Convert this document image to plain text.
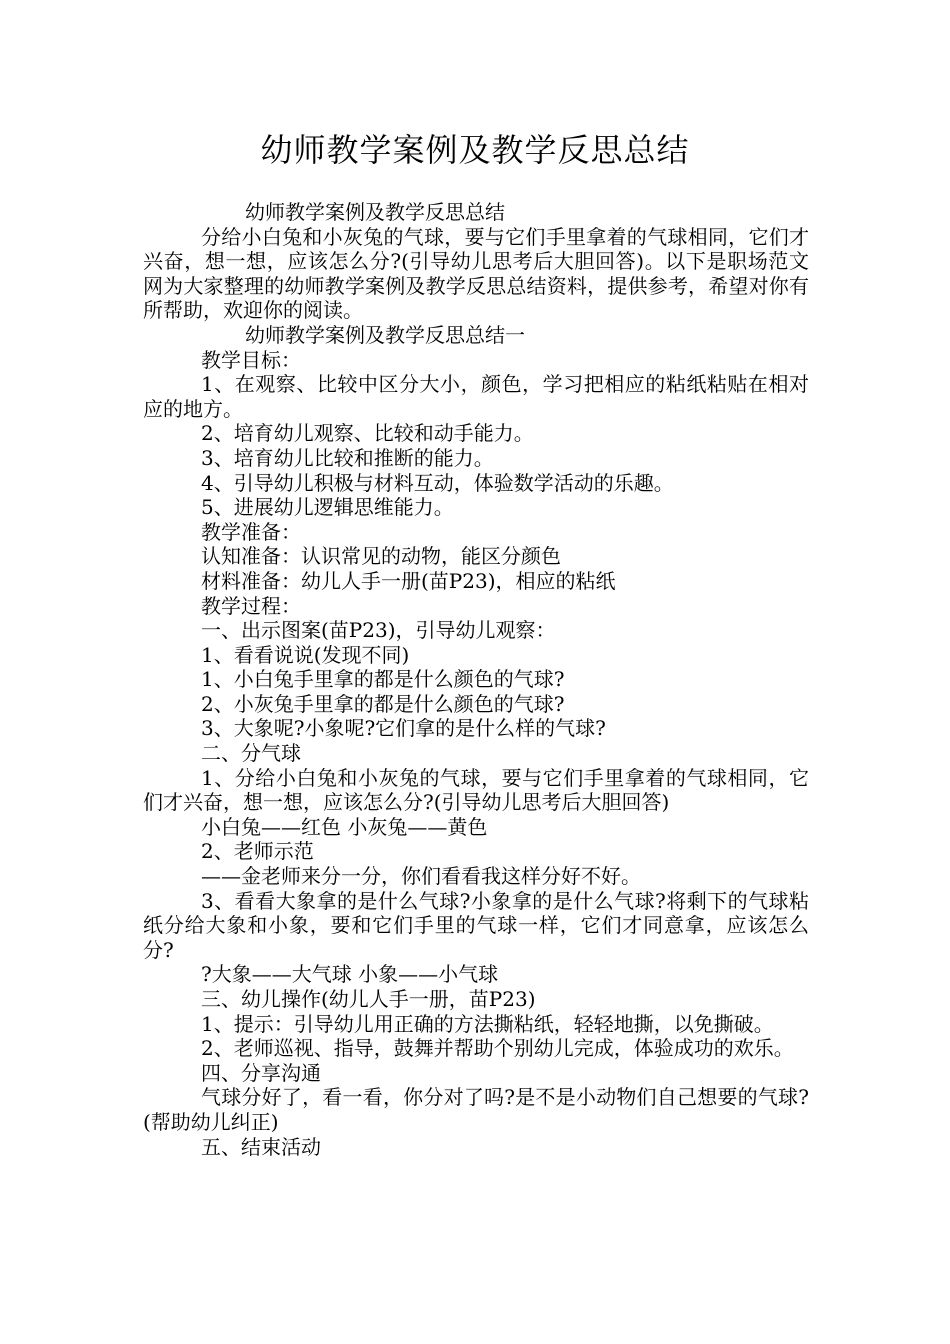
幼师教学案例及教学反思总结

幼师教学案例及教学反思总结

分给小白兔和小灰兔的气球，要与它们手里拿着的气球相同，它们才兴奋，想一想，应该怎么分?(引导幼儿思考后大胆回答)。以下是职场范文网为大家整理的幼师教学案例及教学反思总结资料，提供参考，希望对你有所帮助，欢迎你的阅读。

幼师教学案例及教学反思总结一

教学目标：

1、在观察、比较中区分大小，颜色，学习把相应的粘纸粘贴在相对应的地方。

2、培育幼儿观察、比较和动手能力。

3、培育幼儿比较和推断的能力。

4、引导幼儿积极与材料互动，体验数学活动的乐趣。

5、进展幼儿逻辑思维能力。

教学准备：

认知准备：认识常见的动物，能区分颜色

材料准备：幼儿人手一册(苗P23)，相应的粘纸

教学过程：

一、出示图案(苗P23)，引导幼儿观察：

1、看看说说(发现不同)

1、小白兔手里拿的都是什么颜色的气球?

2、小灰兔手里拿的都是什么颜色的气球?

3、大象呢?小象呢?它们拿的是什么样的气球?

二、分气球

1、分给小白兔和小灰兔的气球，要与它们手里拿着的气球相同，它们才兴奋，想一想，应该怎么分?(引导幼儿思考后大胆回答)

小白兔——红色 小灰兔——黄色

2、老师示范

——金老师来分一分，你们看看我这样分好不好。

3、看看大象拿的是什么气球?小象拿的是什么气球?将剩下的气球粘纸分给大象和小象，要和它们手里的气球一样，它们才同意拿，应该怎么分?

?大象——大气球 小象——小气球

三、幼儿操作(幼儿人手一册，苗P23)

1、提示：引导幼儿用正确的方法撕粘纸，轻轻地撕，以免撕破。

2、老师巡视、指导，鼓舞并帮助个别幼儿完成，体验成功的欢乐。

四、分享沟通

气球分好了，看一看，你分对了吗?是不是小动物们自己想要的气球?(帮助幼儿纠正)

五、结束活动
